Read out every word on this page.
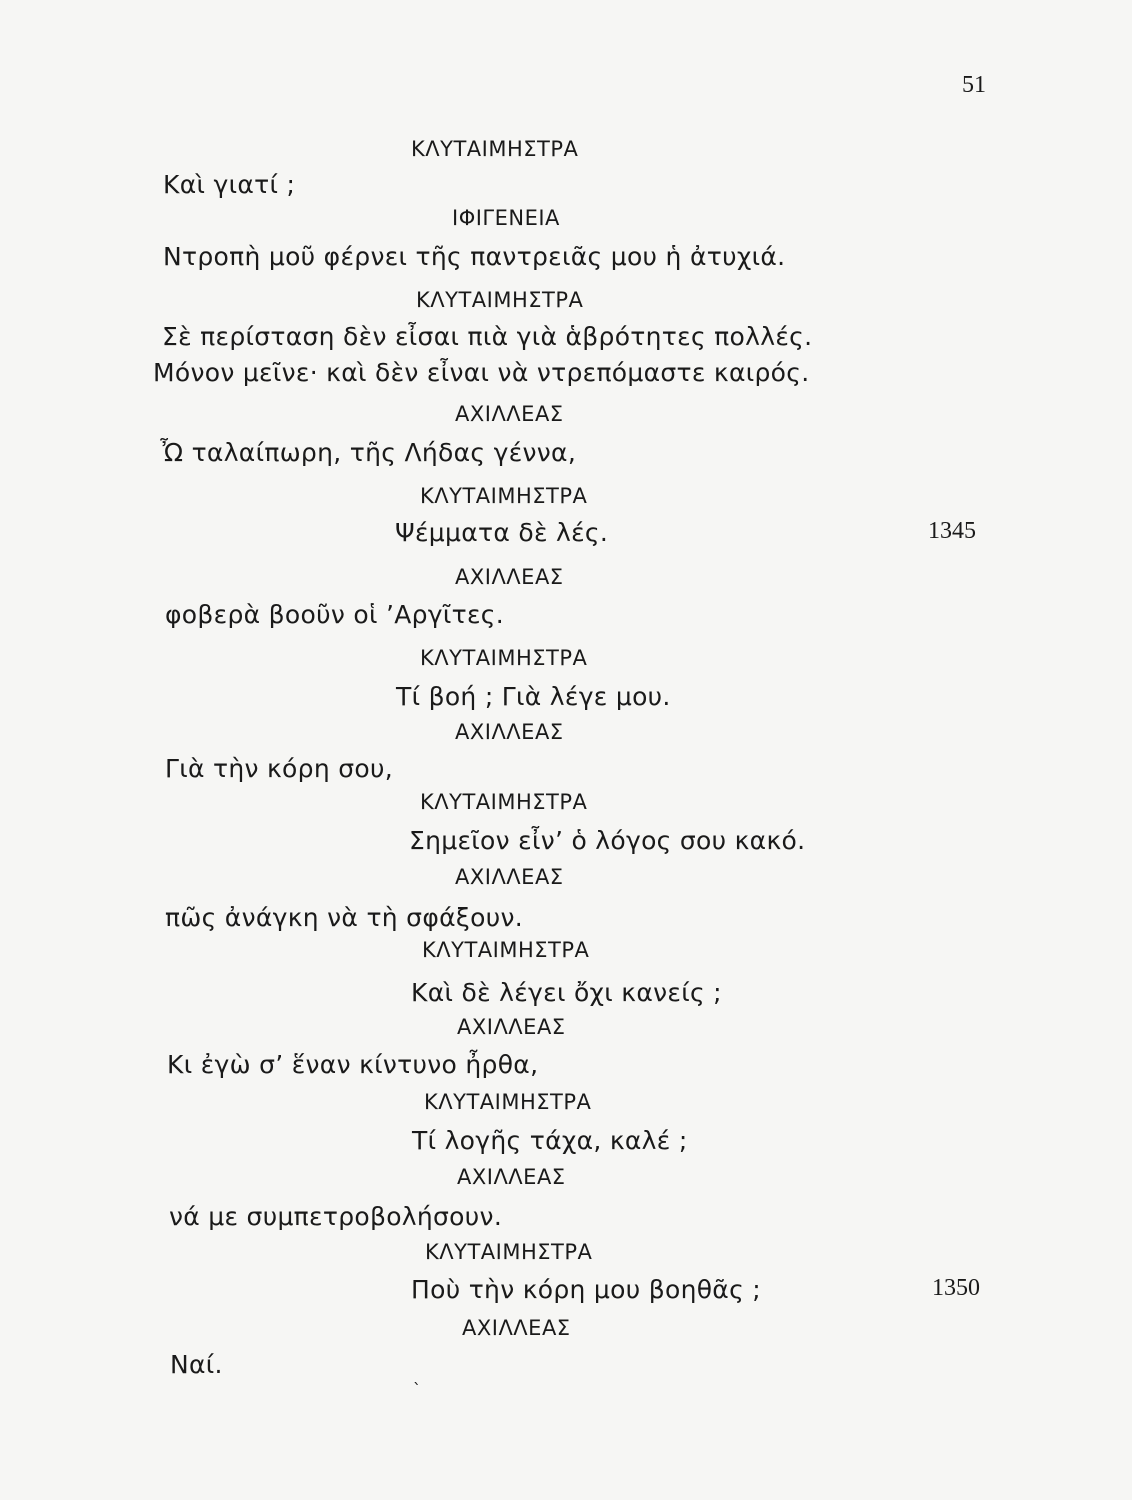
51
ΚΛΥΤΑΙΜΗΣΤΡΑ
Καὶ γιατί ;
ΙΦΙΓΕΝΕΙΑ
Ντροπὴ μοῦ φέρνει τῆς παντρειᾶς μου ἡ ἀτυχιά.
ΚΛΥΤΑΙΜΗΣΤΡΑ
Σὲ περίσταση δὲν εἶσαι πιὰ γιὰ ἁβρότητες πολλές.
Μόνον μεῖνε· καὶ δὲν εἶναι νὰ ντρεπόμαστε καιρός.
ΑΧΙΛΛΕΑΣ
Ὦ ταλαίπωρη, τῆς Λήδας γέννα,
ΚΛΥΤΑΙΜΗΣΤΡΑ
Ψέμματα δὲ λές.	1345
ΑΧΙΛΛΕΑΣ
φοβερὰ βοοῦν οἱ ’Αργῖτες.
ΚΛΥΤΑΙΜΗΣΤΡΑ
Τί βοή ; Γιὰ λέγε μου.
ΑΧΙΛΛΕΑΣ
Γιὰ τὴν κόρη σου,
ΚΛΥΤΑΙΜΗΣΤΡΑ
Σημεῖον εἶν’ ὁ λόγος σου κακό.
ΑΧΙΛΛΕΑΣ
πῶς ἀνάγκη νὰ τὴ σφάξουν.
ΚΛΥΤΑΙΜΗΣΤΡΑ
Καὶ δὲ λέγει ὄχι κανείς ;
ΑΧΙΛΛΕΑΣ
Κι ἐγὼ σ’ ἕναν κίντυνο ἦρθα,
ΚΛΥΤΑΙΜΗΣΤΡΑ
Τί λογῆς τάχα, καλέ ;
ΑΧΙΛΛΕΑΣ
νά με συμπετροβολήσουν.
ΚΛΥΤΑΙΜΗΣΤΡΑ
Ποὺ τὴν κόρη μου βοηθᾶς ;	1350
ΑΧΙΛΛΕΑΣ
Ναί.
`
